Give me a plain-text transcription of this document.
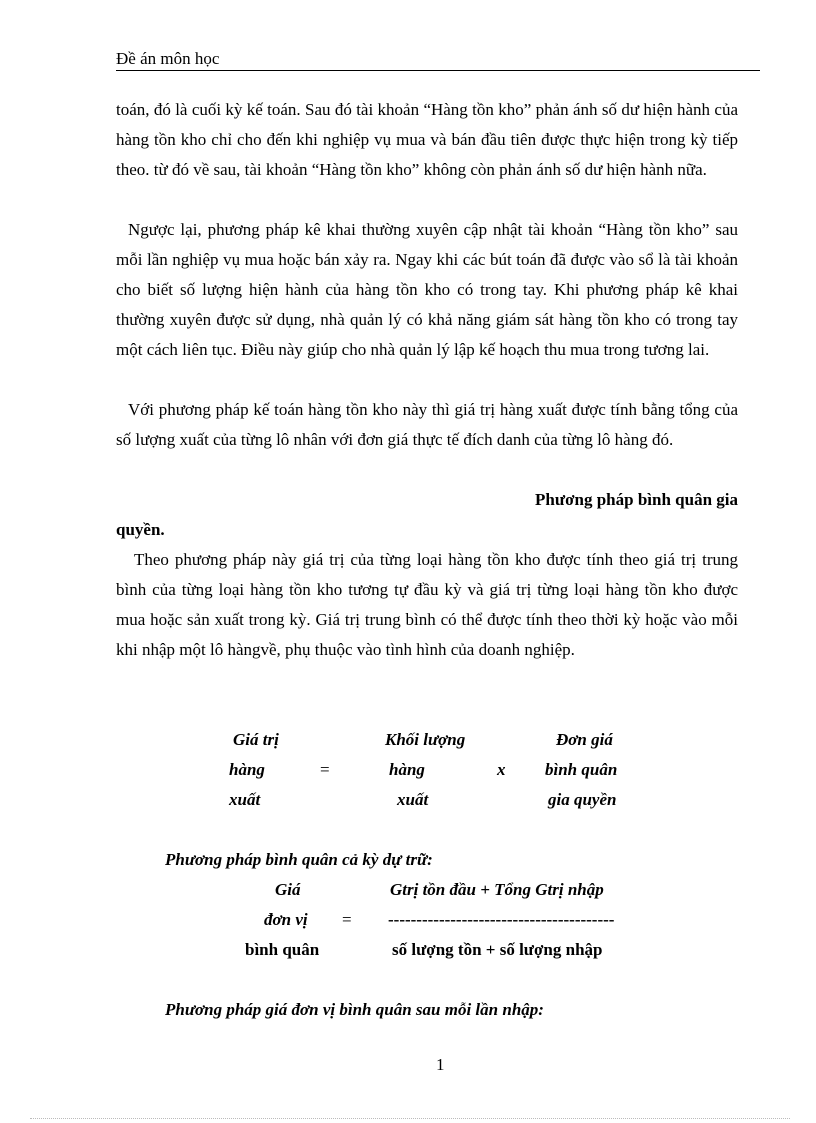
Đề án môn học

toán, đó là cuối kỳ kế toán. Sau đó tài khoản “Hàng tồn kho” phản ánh số dư hiện hành của hàng tồn kho chỉ cho đến khi nghiệp vụ mua và bán đầu tiên được thực hiện trong kỳ tiếp theo. từ đó về sau, tài khoản “Hàng tồn kho” không còn phản ánh số dư hiện hành nữa.

Ngược lại, phương pháp kê khai thường xuyên cập nhật tài khoản “Hàng tồn kho” sau mỗi lần nghiệp vụ mua hoặc bán xảy ra. Ngay khi các bút toán đã được vào sổ là tài khoản cho biết số lượng hiện hành của hàng tồn kho có trong tay. Khi phương pháp kê khai thường xuyên được sử dụng, nhà quản lý có khả năng giám sát hàng tồn kho có trong tay một cách liên tục. Điều này giúp cho nhà quản lý lập kế hoạch thu mua trong tương lai.

Với phương pháp kế toán hàng tồn kho này thì giá trị hàng xuất được tính bằng tổng của số lượng xuất của từng lô nhân với đơn giá thực tế đích danh của từng lô hàng đó.

Phương pháp bình quân gia
quyền.

Theo phương pháp này giá trị của từng loại hàng tồn kho được tính theo giá trị trung bình của từng loại hàng tồn kho tương tự đầu kỳ và giá trị từng loại hàng tồn kho được mua hoặc sản xuất trong kỳ. Giá trị trung bình có thể được tính theo thời kỳ hoặc vào mỗi khi nhập một lô hàngvề, phụ thuộc vào tình hình của doanh nghiệp.

Giá trị
hàng
xuất
=
Khối lượng
hàng
xuất
x
Đơn giá
bình quân
gia quyền
Phương pháp bình quân cả kỳ dự trữ:
Giá
đơn vị
bình quân
=
Gtrị tồn đầu + Tổng Gtrị nhập
----------------------------------------
số lượng tồn + số lượng nhập
Phương pháp giá đơn vị bình quân sau mỗi lần nhập:
1
